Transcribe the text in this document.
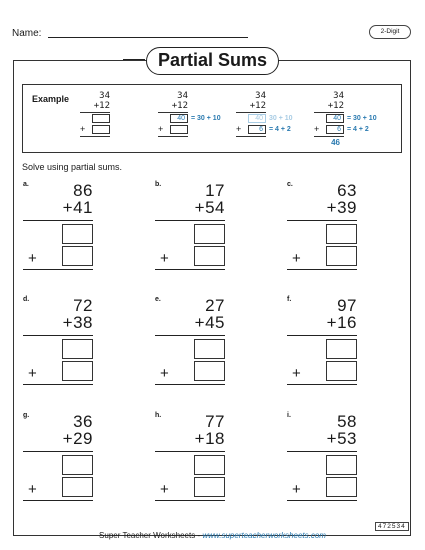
Name:	2-Digit
Partial Sums
Example	34
+12
+
34
+12
40 = 30 + 10
+
34
+12
40 30 + 10
+	6 = 4 + 2
34
+12
40 = 30 + 10
+	6 = 4 + 2
46
Solve using partial sums.
a.	86
+41
+
b.	17
+54
+
c.	63
+39
+
d.	72
+38
+
e.	27
+45
+
f.	97
+16
+
g.	36
+29
+
h.	77
+18
+
i.	58
+53
+
Super Teacher Worksheets - www.superteacherworksheets.com
472534
